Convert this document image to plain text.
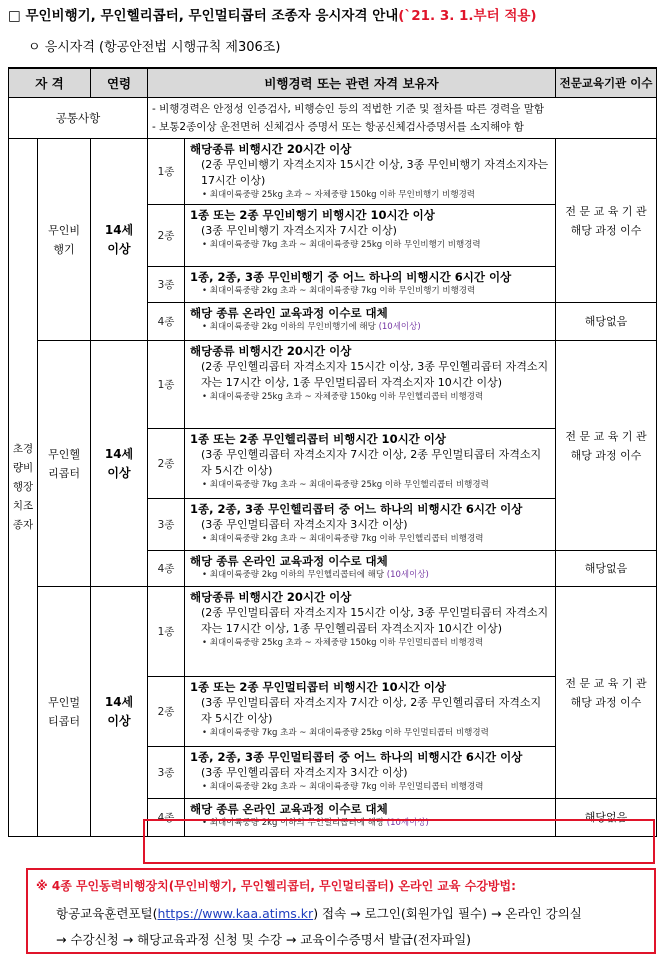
□ 무인비행기, 무인헬리콥터, 무인멀티콥터 조종자 응시자격 안내(`21. 3. 1.부터 적용)
ㅇ 응시자격 (항공안전법 시행규칙 제306조)
자 격		연령	비행경력 또는 관련 자격 보유자		전문교육기관 이수
공통사항			- 비행경력은 안정성 인증검사, 비행승인 등의 적법한 기준 및 절차를 따른 경력을 말함
- 보통2종이상 운전면허 신체검사 증명서 또는 항공신체검사증명서를 소지해야 함		

초경량비행장치조종자	무인비행기	14세 이상	1종	해당종류 비행시간 20시간 이상
(2종 무인비행기 자격소지자 15시간 이상, 3종 무인비행기 자격소지자는 17시간 이상)
• 최대이륙중량 25kg 초과 ~ 자체중량 150kg 이하 무인비행기 비행경력	전 문 교 육 기 관 해당 과정 이수
			2종	1종 또는 2종 무인비행기 비행시간 10시간 이상
(3종 무인비행기 자격소지자 7시간 이상)
• 최대이륙중량 7kg 초과 ~ 최대이륙중량 25kg 이하 무인비행기 비행경력	

			3종	1종, 2종, 3종 무인비행기 중 어느 하나의 비행시간 6시간 이상
• 최대이륙중량 2kg 초과 ~ 최대이륙중량 7kg 이하 무인비행기 비행경력	

			4종	해당 종류 온라인 교육과정 이수로 대체
• 최대이륙중량 2kg 이하의 무인비행기에 해당 (10세이상)	해당없음
	무인헬리콥터	14세 이상	1종	해당종류 비행시간 20시간 이상
(2종 무인헬리콥터 자격소지자 15시간 이상, 3종 무인헬리콥터 자격소지자는 17시간 이상, 1종 무인멀티콥터 자격소지자 10시간 이상)
• 최대이륙중량 25kg 초과 ~ 자체중량 150kg 이하 무인헬리콥터 비행경력	전 문 교 육 기 관 해당 과정 이수
			2종	1종 또는 2종 무인헬리콥터 비행시간 10시간 이상
(3종 무인헬리콥터 자격소지자 7시간 이상, 2종 무인멀티콥터 자격소지자 5시간 이상)
• 최대이륙중량 7kg 초과 ~ 최대이륙중량 25kg 이하 무인헬리콥터 비행경력	

			3종	1종, 2종, 3종 무인헬리콥터 중 어느 하나의 비행시간 6시간 이상
(3종 무인멀티콥터 자격소지자 3시간 이상)
• 최대이륙중량 2kg 초과 ~ 최대이륙중량 7kg 이하 무인헬리콥터 비행경력	

			4종	해당 종류 온라인 교육과정 이수로 대체
• 최대이륙중량 2kg 이하의 무인헬리콥터에 해당 (10세이상)	해당없음
	무인멀티콥터	14세 이상	1종	해당종류 비행시간 20시간 이상
(2종 무인멀티콥터 자격소지자 15시간 이상, 3종 무인멀티콥터 자격소지자는 17시간 이상, 1종 무인헬리콥터 자격소지자 10시간 이상)
• 최대이륙중량 25kg 초과 ~ 자체중량 150kg 이하 무인멀티콥터 비행경력	전 문 교 육 기 관 해당 과정 이수
			2종	1종 또는 2종 무인멀티콥터 비행시간 10시간 이상
(3종 무인멀티콥터 자격소지자 7시간 이상, 2종 무인헬리콥터 자격소지자 5시간 이상)
• 최대이륙중량 7kg 초과 ~ 최대이륙중량 25kg 이하 무인멀티콥터 비행경력	

			3종	1종, 2종, 3종 무인멀티콥터 중 어느 하나의 비행시간 6시간 이상
(3종 무인헬리콥터 자격소지자 3시간 이상)
• 최대이륙중량 2kg 초과 ~ 최대이륙중량 7kg 이하 무인멀티콥터 비행경력	

			4종	해당 종류 온라인 교육과정 이수로 대체
• 최대이륙중량 2kg 이하의 무인멀티콥터에 해당 (10세이상)	해당없음
※ 4종 무인동력비행장치(무인비행기, 무인헬리콥터, 무인멀티콥터) 온라인 교육 수강방법:
항공교육훈련포털(https://www.kaa.atims.kr) 접속 → 로그인(회원가입 필수) → 온라인 강의실
→ 수강신청 → 해당교육과정 신청 및 수강 → 교육이수증명서 발급(전자파일)
